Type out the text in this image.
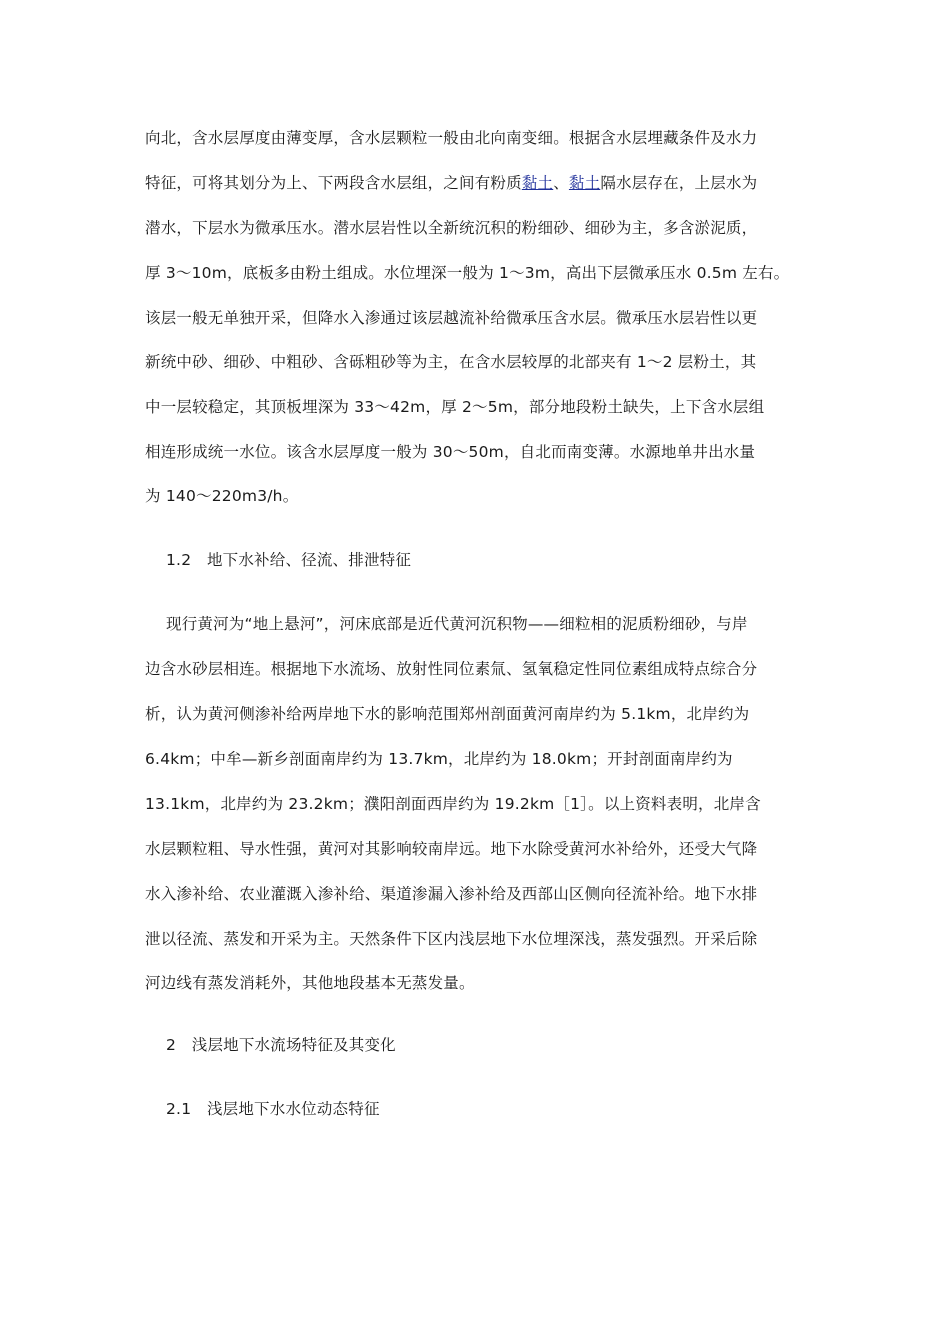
向北，含水层厚度由薄变厚，含水层颗粒一般由北向南变细。根据含水层埋藏条件及水力
特征，可将其划分为上、下两段含水层组，之间有粉质黏土、黏土隔水层存在，上层水为
潜水，下层水为微承压水。潜水层岩性以全新统沉积的粉细砂、细砂为主，多含淤泥质，
厚 3～10m，底板多由粉土组成。水位埋深一般为 1～3m，高出下层微承压水 0.5m 左右。
该层一般无单独开采，但降水入渗通过该层越流补给微承压含水层。微承压水层岩性以更
新统中砂、细砂、中粗砂、含砾粗砂等为主，在含水层较厚的北部夹有 1～2 层粉土，其
中一层较稳定，其顶板埋深为 33～42m，厚 2～5m，部分地段粉土缺失，上下含水层组
相连形成统一水位。该含水层厚度一般为 30～50m，自北而南变薄。水源地单井出水量
为 140～220m3/h。
1.2　地下水补给、径流、排泄特征
现行黄河为“地上悬河”，河床底部是近代黄河沉积物——细粒相的泥质粉细砂，与岸
边含水砂层相连。根据地下水流场、放射性同位素氚、氢氧稳定性同位素组成特点综合分
析，认为黄河侧渗补给两岸地下水的影响范围郑州剖面黄河南岸约为 5.1km，北岸约为
6.4km；中牟—新乡剖面南岸约为 13.7km，北岸约为 18.0km；开封剖面南岸约为
13.1km，北岸约为 23.2km；濮阳剖面西岸约为 19.2km［1］。以上资料表明，北岸含
水层颗粒粗、导水性强，黄河对其影响较南岸远。地下水除受黄河水补给外，还受大气降
水入渗补给、农业灌溉入渗补给、渠道渗漏入渗补给及西部山区侧向径流补给。地下水排
泄以径流、蒸发和开采为主。天然条件下区内浅层地下水位埋深浅，蒸发强烈。开采后除
河边线有蒸发消耗外，其他地段基本无蒸发量。
2　浅层地下水流场特征及其变化
2.1　浅层地下水水位动态特征
